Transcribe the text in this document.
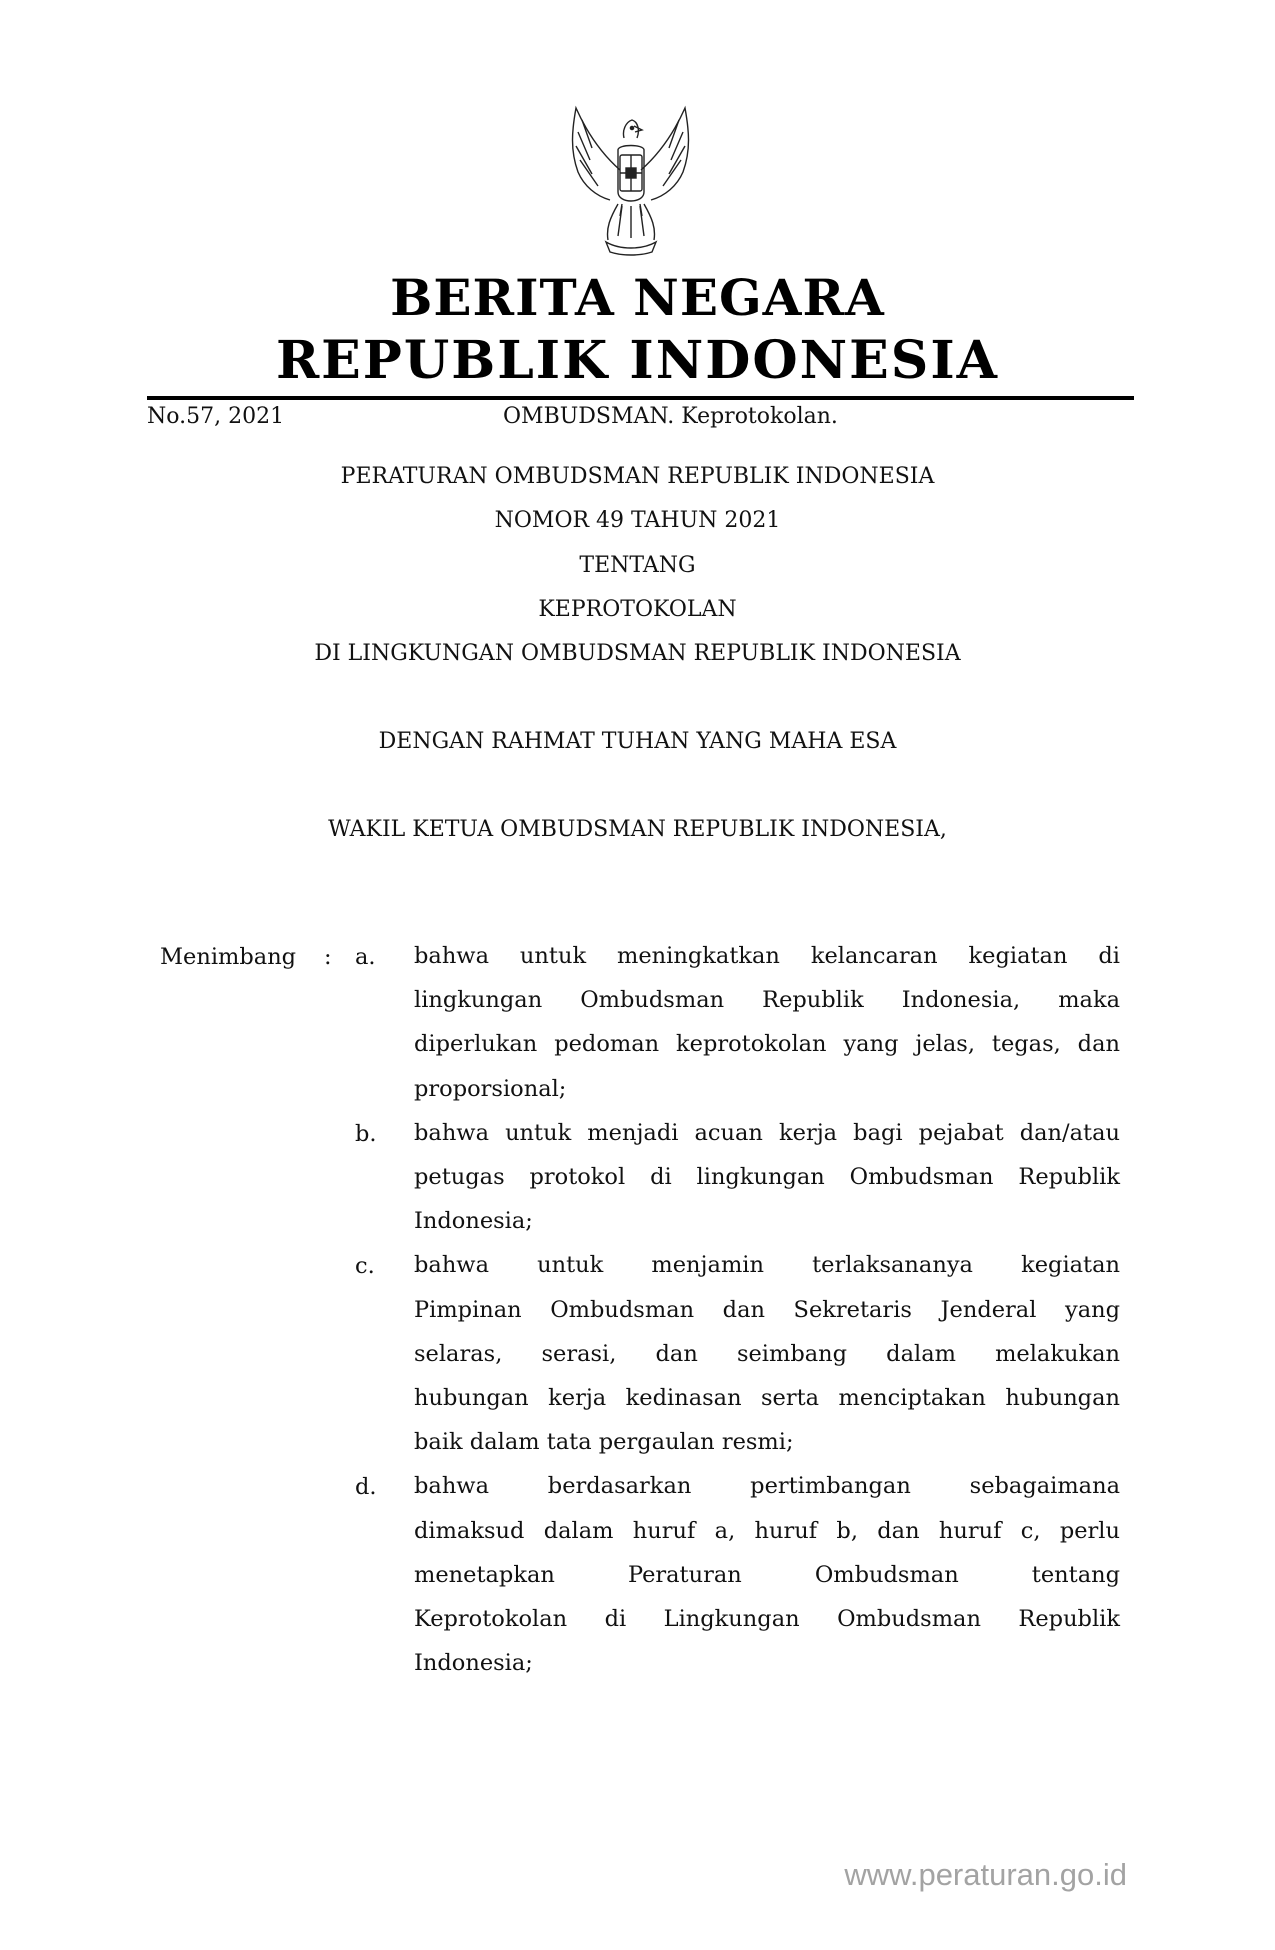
BERITA NEGARA
REPUBLIK INDONESIA
No.57, 2021	OMBUDSMAN. Keprotokolan.
PERATURAN OMBUDSMAN REPUBLIK INDONESIA
NOMOR 49 TAHUN 2021
TENTANG
KEPROTOKOLAN
DI LINGKUNGAN OMBUDSMAN REPUBLIK INDONESIA
DENGAN RAHMAT TUHAN YANG MAHA ESA
WAKIL KETUA OMBUDSMAN REPUBLIK INDONESIA,
Menimbang : a. bahwa untuk meningkatkan kelancaran kegiatan di
lingkungan Ombudsman Republik Indonesia, maka
diperlukan pedoman keprotokolan yang jelas, tegas, dan
proporsional;
b. bahwa untuk menjadi acuan kerja bagi pejabat dan/atau
petugas protokol di lingkungan Ombudsman Republik
Indonesia;
c. bahwa untuk menjamin terlaksananya kegiatan
Pimpinan Ombudsman dan Sekretaris Jenderal yang
selaras, serasi, dan seimbang dalam melakukan
hubungan kerja kedinasan serta menciptakan hubungan
baik dalam tata pergaulan resmi;
d. bahwa berdasarkan pertimbangan sebagaimana
dimaksud dalam huruf a, huruf b, dan huruf c, perlu
menetapkan Peraturan Ombudsman tentang
Keprotokolan di Lingkungan Ombudsman Republik
Indonesia;
www.peraturan.go.id
